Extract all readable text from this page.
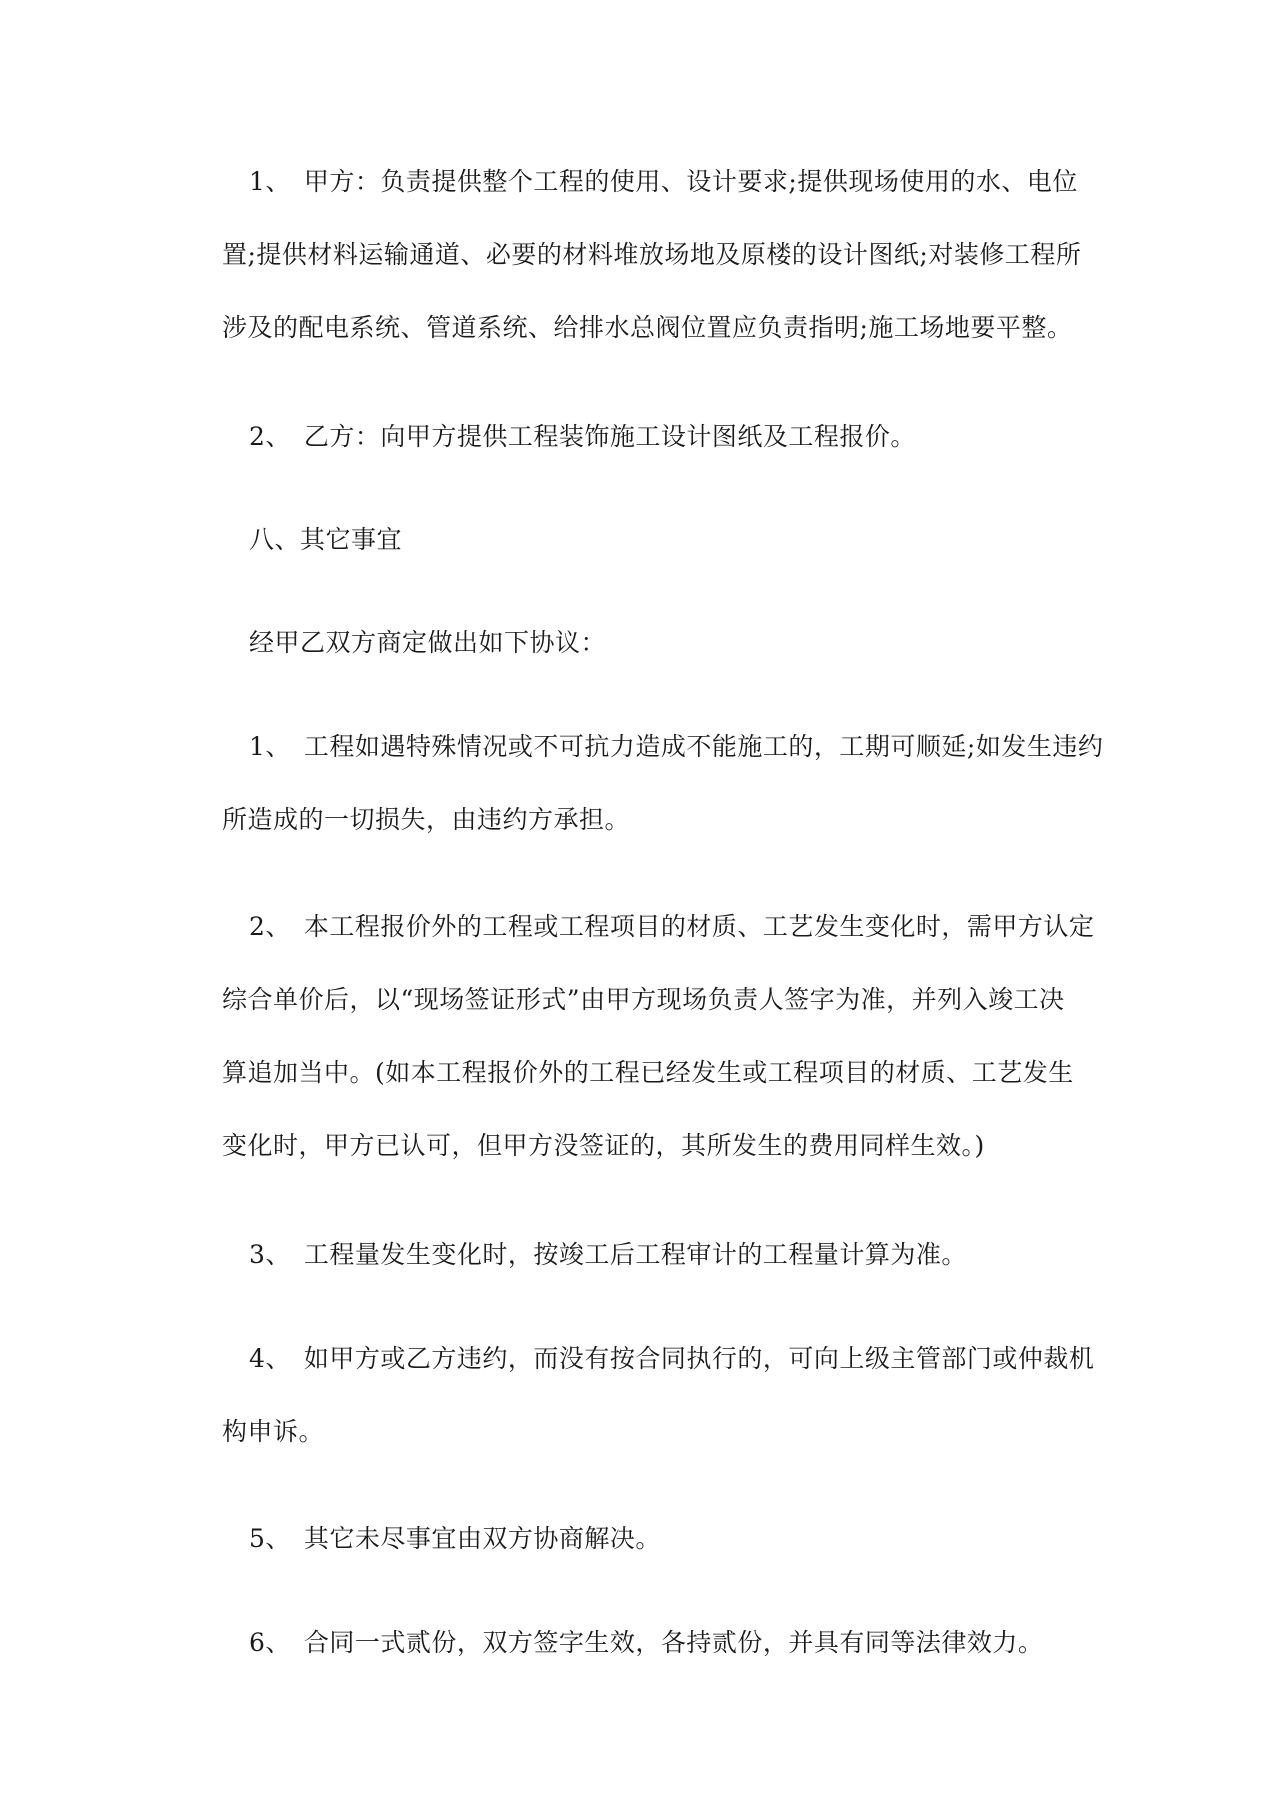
1、　甲方：负责提供整个工程的使用、设计要求;提供现场使用的水、电位
置;提供材料运输通道、必要的材料堆放场地及原楼的设计图纸;对装修工程所
涉及的配电系统、管道系统、给排水总阀位置应负责指明;施工场地要平整。
2、　乙方：向甲方提供工程装饰施工设计图纸及工程报价。
八、其它事宜
经甲乙双方商定做出如下协议：
1、　工程如遇特殊情况或不可抗力造成不能施工的，工期可顺延;如发生违约
所造成的一切损失，由违约方承担。
2、　本工程报价外的工程或工程项目的材质、工艺发生变化时，需甲方认定
综合单价后，以“现场签证形式”由甲方现场负责人签字为准，并列入竣工决
算追加当中。(如本工程报价外的工程已经发生或工程项目的材质、工艺发生
变化时，甲方已认可，但甲方没签证的，其所发生的费用同样生效。)
3、　工程量发生变化时，按竣工后工程审计的工程量计算为准。
4、　如甲方或乙方违约，而没有按合同执行的，可向上级主管部门或仲裁机
构申诉。
5、　其它未尽事宜由双方协商解决。
6、　合同一式贰份，双方签字生效，各持贰份，并具有同等法律效力。
